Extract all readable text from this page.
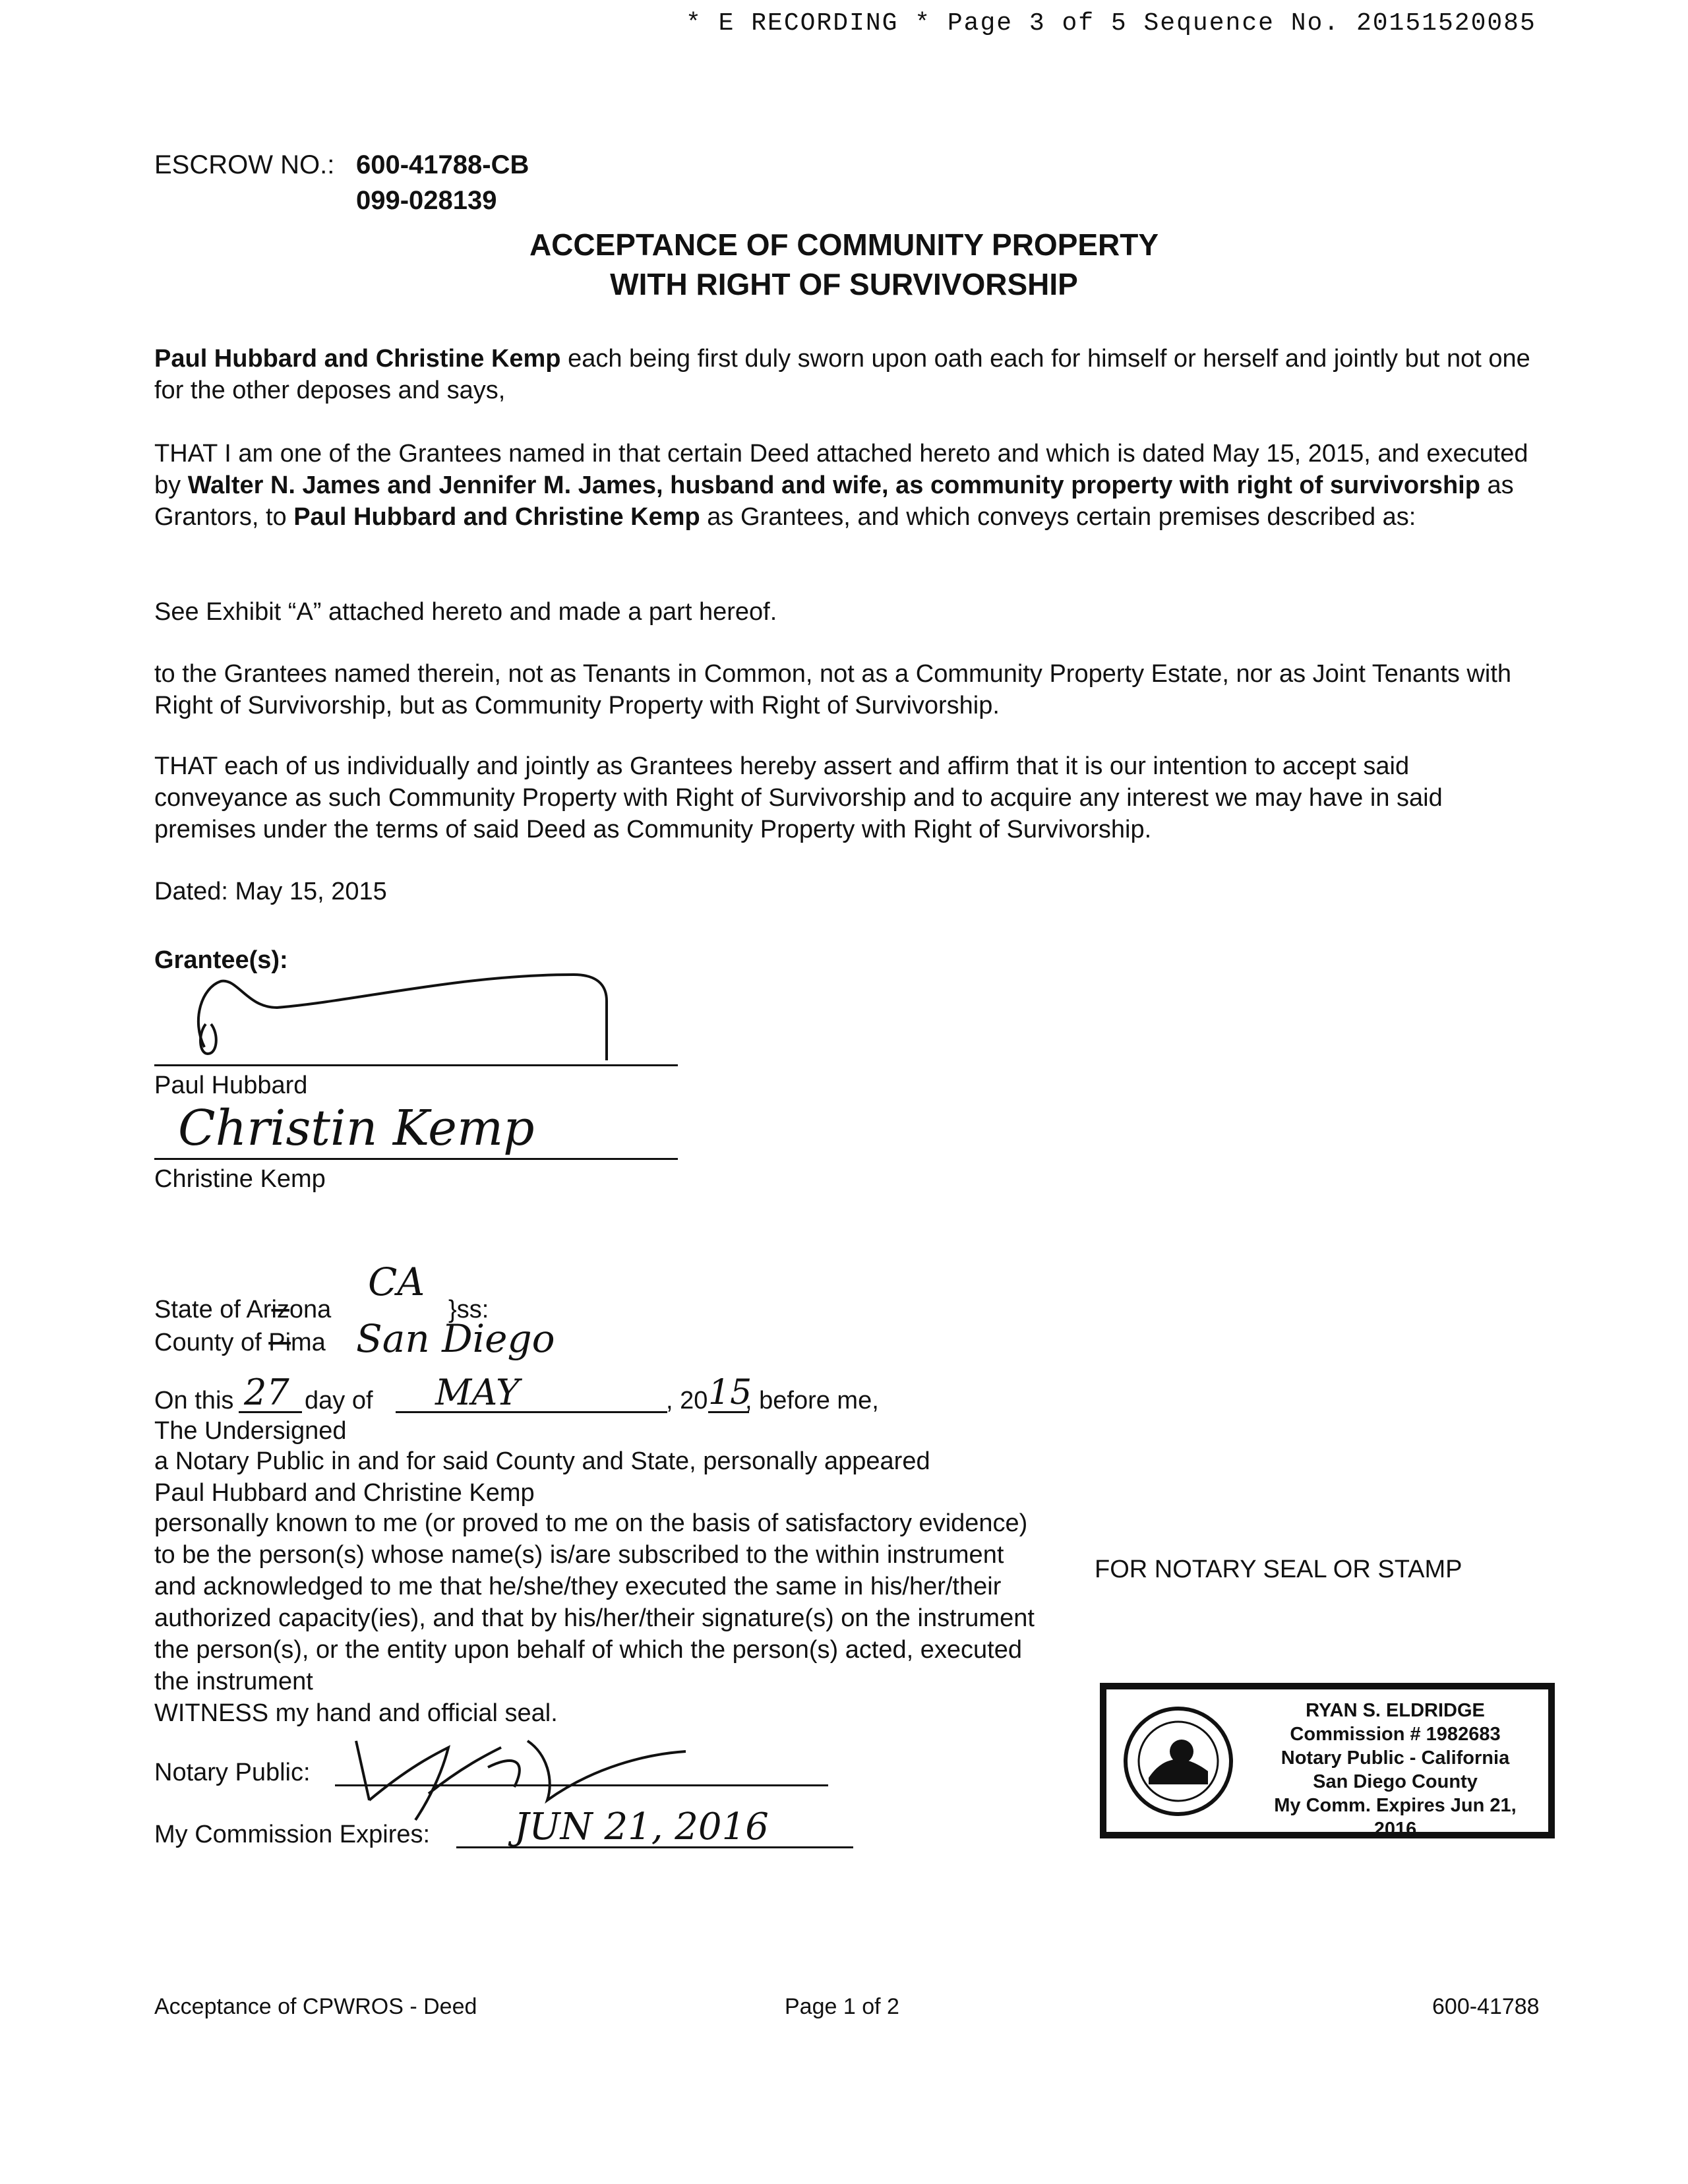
* E RECORDING * Page 3 of 5 Sequence No. 20151520085
ESCROW NO.: 600-41788-CB
099-028139
ACCEPTANCE OF COMMUNITY PROPERTY
WITH RIGHT OF SURVIVORSHIP
Paul Hubbard and Christine Kemp each being first duly sworn upon oath each for himself or herself and jointly but not one for the other deposes and says,
THAT I am one of the Grantees named in that certain Deed attached hereto and which is dated May 15, 2015, and executed by Walter N. James and Jennifer M. James, husband and wife, as community property with right of survivorship as Grantors, to Paul Hubbard and Christine Kemp as Grantees, and which conveys certain premises described as:
See Exhibit “A” attached hereto and made a part hereof.
to the Grantees named therein, not as Tenants in Common, not as a Community Property Estate, nor as Joint Tenants with Right of Survivorship, but as Community Property with Right of Survivorship.
THAT each of us individually and jointly as Grantees hereby assert and affirm that it is our intention to accept said conveyance as such Community Property with Right of Survivorship and to acquire any interest we may have in said premises under the terms of said Deed as Community Property with Right of Survivorship.
Dated: May 15, 2015
Grantee(s):
Paul Hubbard
Christin Kemp
Christine Kemp
State of Arizona
CA
}ss:
County of Pima San Diego
On this 27 day of MAY	, 20 15
, before me,
The Undersigned
a Notary Public in and for said County and State, personally appeared
Paul Hubbard and Christine Kemp
personally known to me (or proved to me on the basis of satisfactory evidence) to be the person(s) whose name(s) is/are subscribed to the within instrument and acknowledged to me that he/she/they executed the same in his/her/their authorized capacity(ies), and that by his/her/their signature(s) on the instrument the person(s), or the entity upon behalf of which the person(s) acted, executed the instrument
WITNESS my hand and official seal.
Notary Public:
My Commission Expires: JUN 21, 2016
FOR NOTARY SEAL OR STAMP
RYAN S. ELDRIDGE
Commission # 1982683
Notary Public - California
San Diego County
My Comm. Expires Jun 21, 2016
Acceptance of CPWROS - Deed	Page 1 of 2	600-41788
